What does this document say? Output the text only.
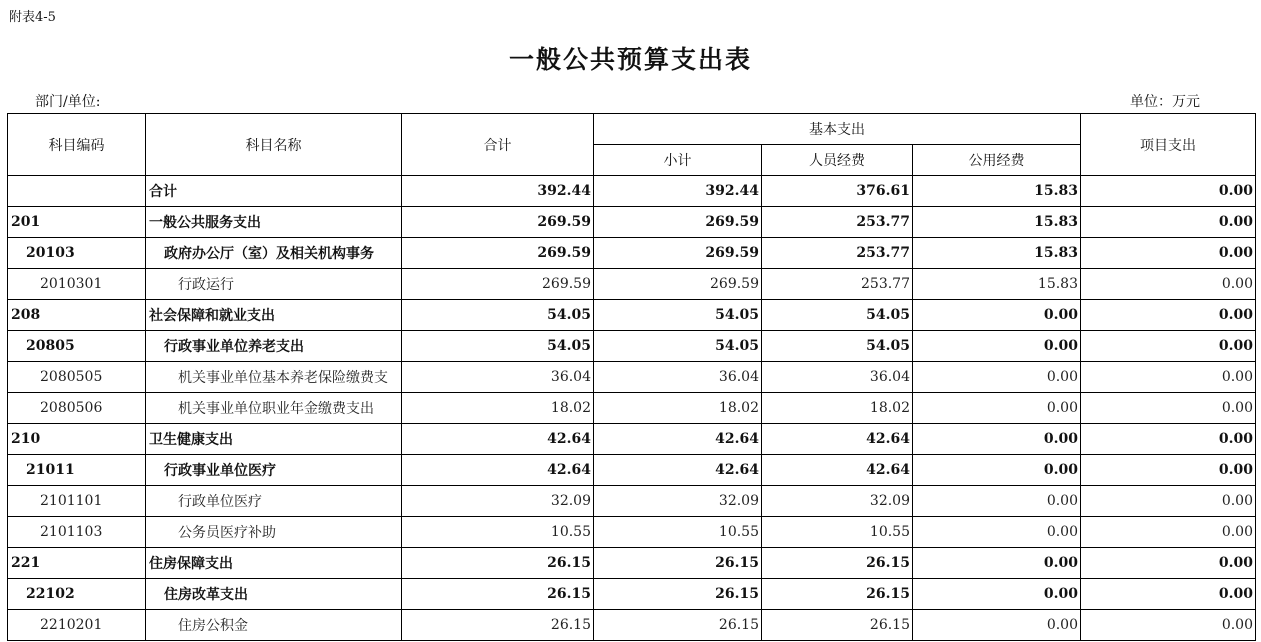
附表4-5
一般公共预算支出表
部门/单位:	单位：万元
科目编码	科目名称	合计	基本支出			项目支出
			小计	人员经费	公用经费	
	合计	392.44	392.44	376.61	15.83	0.00
201	一般公共服务支出	269.59	269.59	253.77	15.83	0.00
20103	政府办公厅（室）及相关机构事务	269.59	269.59	253.77	15.83	0.00
2010301	行政运行	269.59	269.59	253.77	15.83	0.00
208	社会保障和就业支出	54.05	54.05	54.05	0.00	0.00
20805	行政事业单位养老支出	54.05	54.05	54.05	0.00	0.00
2080505	机关事业单位基本养老保险缴费支	36.04	36.04	36.04	0.00	0.00
2080506	机关事业单位职业年金缴费支出	18.02	18.02	18.02	0.00	0.00
210	卫生健康支出	42.64	42.64	42.64	0.00	0.00
21011	行政事业单位医疗	42.64	42.64	42.64	0.00	0.00
2101101	行政单位医疗	32.09	32.09	32.09	0.00	0.00
2101103	公务员医疗补助	10.55	10.55	10.55	0.00	0.00
221	住房保障支出	26.15	26.15	26.15	0.00	0.00
22102	住房改革支出	26.15	26.15	26.15	0.00	0.00
2210201	住房公积金	26.15	26.15	26.15	0.00	0.00
